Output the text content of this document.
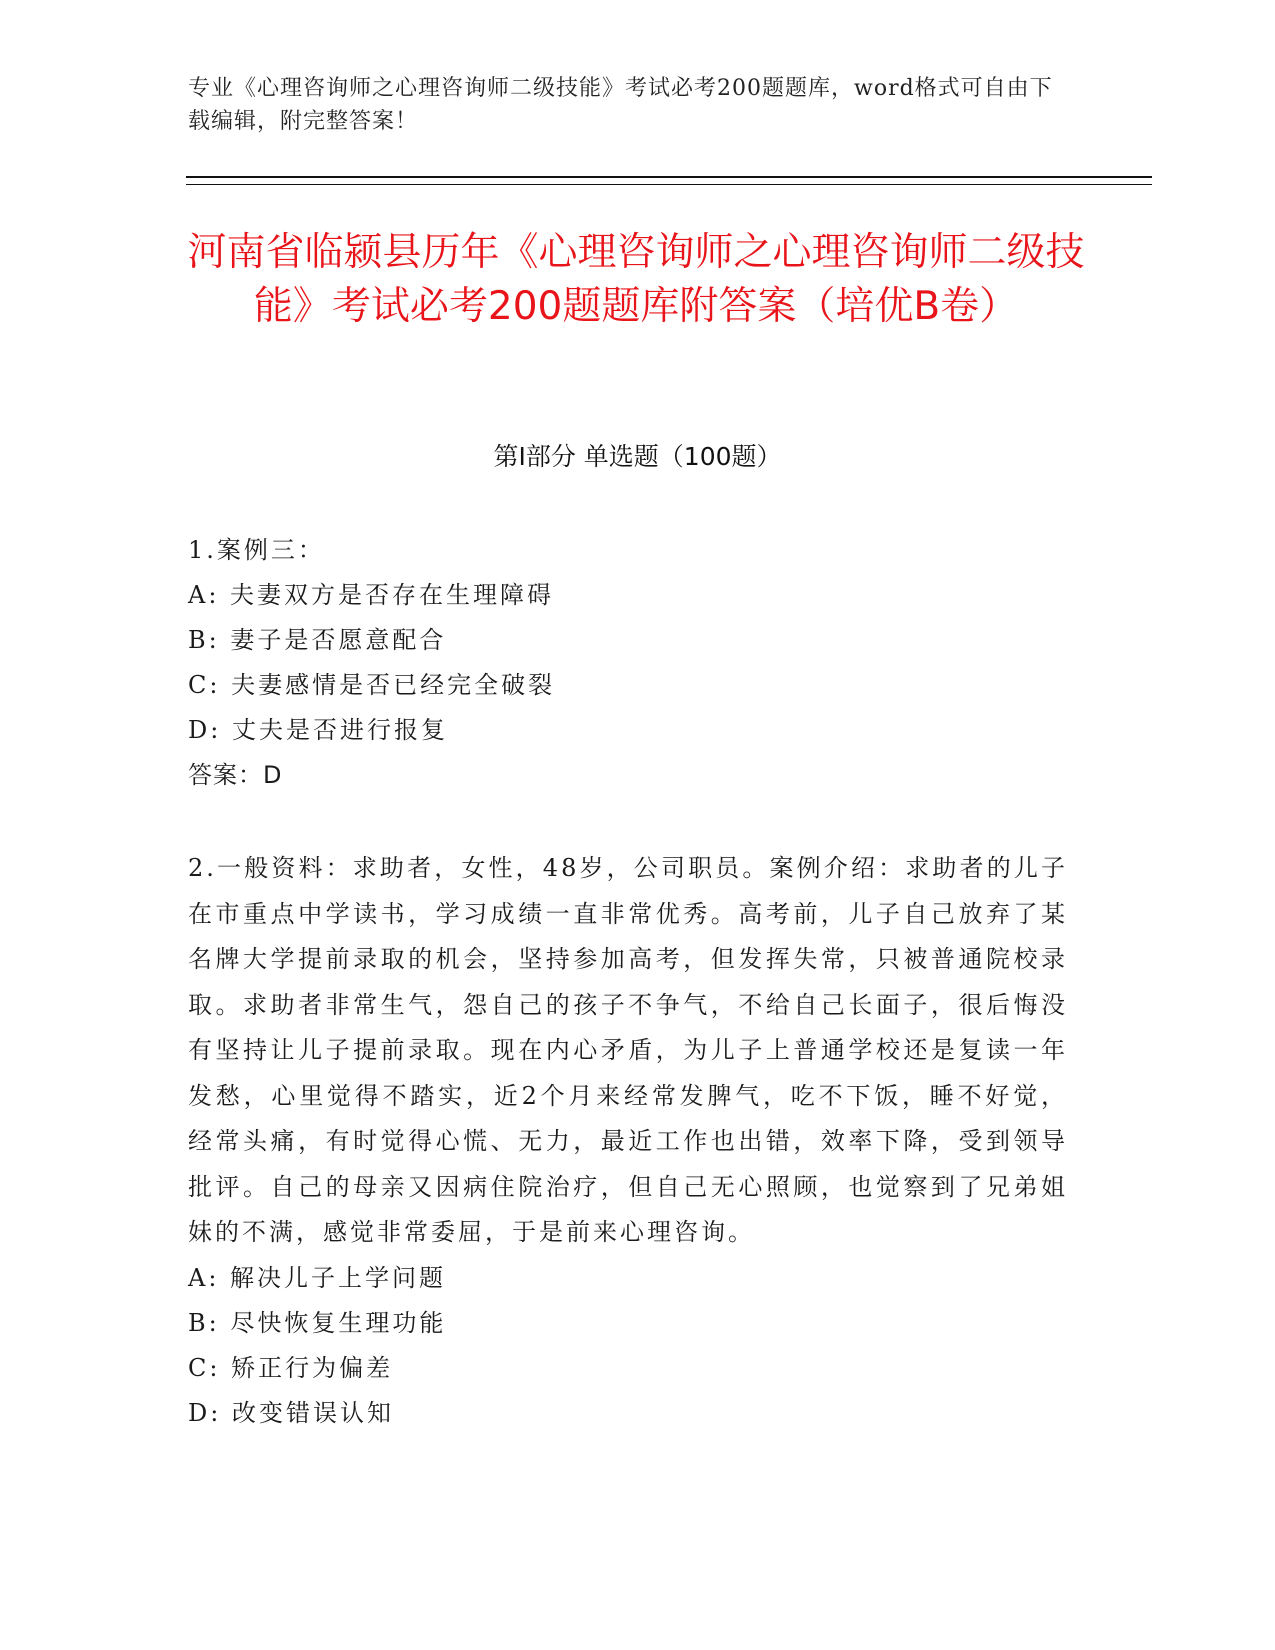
专业《心理咨询师之心理咨询师二级技能》考试必考200题题库，word格式可自由下载编辑，附完整答案！
河南省临颍县历年《心理咨询师之心理咨询师二级技能》考试必考200题题库附答案（培优B卷）
第I部分 单选题（100题）
1.案例三：
A: 夫妻双方是否存在生理障碍
B: 妻子是否愿意配合
C: 夫妻感情是否已经完全破裂
D: 丈夫是否进行报复
答案：D
2.一般资料：求助者，女性，48岁，公司职员。案例介绍：求助者的儿子在市重点中学读书，学习成绩一直非常优秀。高考前，儿子自己放弃了某名牌大学提前录取的机会，坚持参加高考，但发挥失常，只被普通院校录取。求助者非常生气，怨自己的孩子不争气，不给自己长面子，很后悔没有坚持让儿子提前录取。现在内心矛盾，为儿子上普通学校还是复读一年发愁，心里觉得不踏实，近2个月来经常发脾气，吃不下饭，睡不好觉，经常头痛，有时觉得心慌、无力，最近工作也出错，效率下降，受到领导批评。自己的母亲又因病住院治疗，但自己无心照顾，也觉察到了兄弟姐妹的不满，感觉非常委屈，于是前来心理咨询。
A: 解决儿子上学问题
B: 尽快恢复生理功能
C: 矫正行为偏差
D: 改变错误认知
